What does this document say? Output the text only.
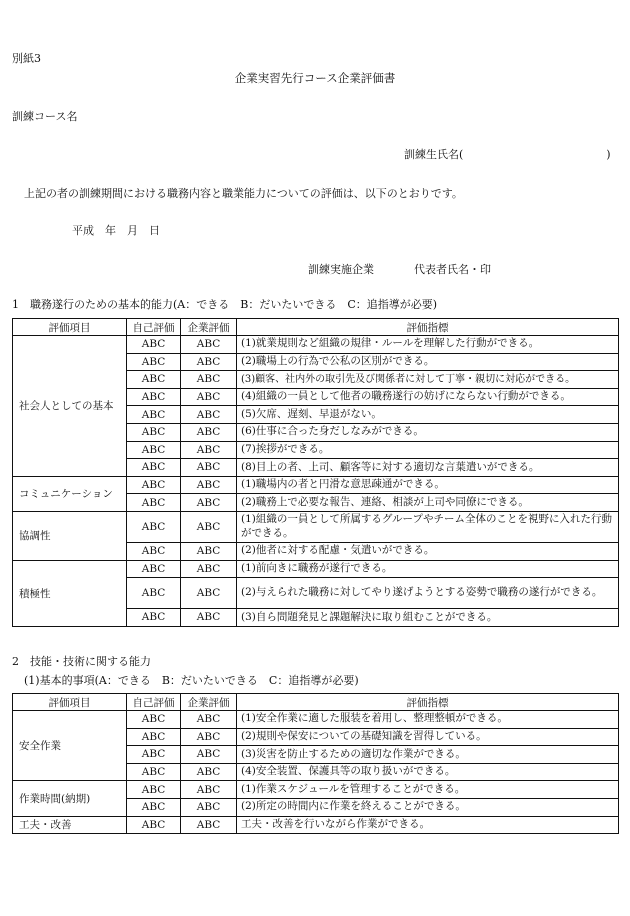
別紙3
企業実習先行コース企業評価書
訓練コース名
訓練生氏名(　　　　　　　　　　　　　)
上記の者の訓練期間における職務内容と職業能力についての評価は、以下のとおりです。
平成　年　月　日
訓練実施企業	代表者氏名・印
1　職務遂行のための基本的能力(A：できる　B：だいたいできる　C：追指導が必要)
評価項目	自己評価	企業評価	評価指標
社会人としての基本	ABC	ABC	(1)就業規則など組織の規律・ルールを理解した行動ができる。
	ABC	ABC	(2)職場上の行為で公私の区別ができる。
	ABC	ABC	(3)顧客、社内外の取引先及び関係者に対して丁寧・親切に対応ができる。
	ABC	ABC	(4)組織の一員として他者の職務遂行の妨げにならない行動ができる。
	ABC	ABC	(5)欠席、遅刻、早退がない。
	ABC	ABC	(6)仕事に合った身だしなみができる。
	ABC	ABC	(7)挨拶ができる。
	ABC	ABC	(8)目上の者、上司、顧客等に対する適切な言葉遣いができる。
コミュニケーション	ABC	ABC	(1)職場内の者と円滑な意思疎通ができる。
	ABC	ABC	(2)職務上で必要な報告、連絡、相談が上司や同僚にできる。
協調性	ABC	ABC	(1)組織の一員として所属するグループやチーム全体のことを視野に入れた行動ができる。
	ABC	ABC	(2)他者に対する配慮・気遣いができる。
積極性	ABC	ABC	(1)前向きに職務が遂行できる。
	ABC	ABC	(2)与えられた職務に対してやり遂げようとする姿勢で職務の遂行ができる。
	ABC	ABC	(3)自ら問題発見と課題解決に取り組むことができる。
2　技能・技術に関する能力
(1)基本的事項(A：できる　B：だいたいできる　C：追指導が必要)
評価項目	自己評価	企業評価	評価指標
安全作業	ABC	ABC	(1)安全作業に適した服装を着用し、整理整頓ができる。
	ABC	ABC	(2)規則や保安についての基礎知識を習得している。
	ABC	ABC	(3)災害を防止するための適切な作業ができる。
	ABC	ABC	(4)安全装置、保護具等の取り扱いができる。
作業時間(納期)	ABC	ABC	(1)作業スケジュールを管理することができる。
	ABC	ABC	(2)所定の時間内に作業を終えることができる。
工夫・改善	ABC	ABC	工夫・改善を行いながら作業ができる。
